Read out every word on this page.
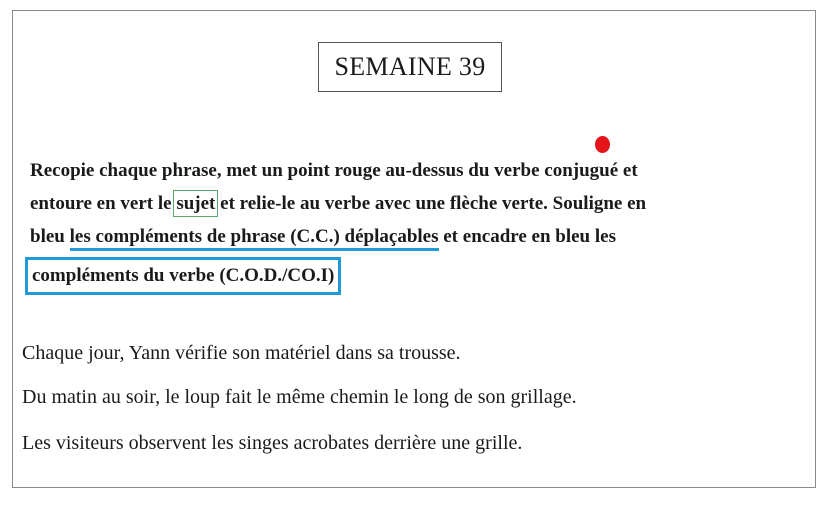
SEMAINE 39
Recopie chaque phrase, met un point rouge au-dessus du verbe conjugué et
entoure en vert le sujet et relie-le au verbe avec une flèche verte. Souligne en
bleu les compléments de phrase (C.C.) déplaçables et encadre en bleu les
compléments du verbe (C.O.D./CO.I)
Chaque jour, Yann vérifie son matériel dans sa trousse.
Du matin au soir, le loup fait le même chemin le long de son grillage.
Les visiteurs observent les singes acrobates derrière une grille.
